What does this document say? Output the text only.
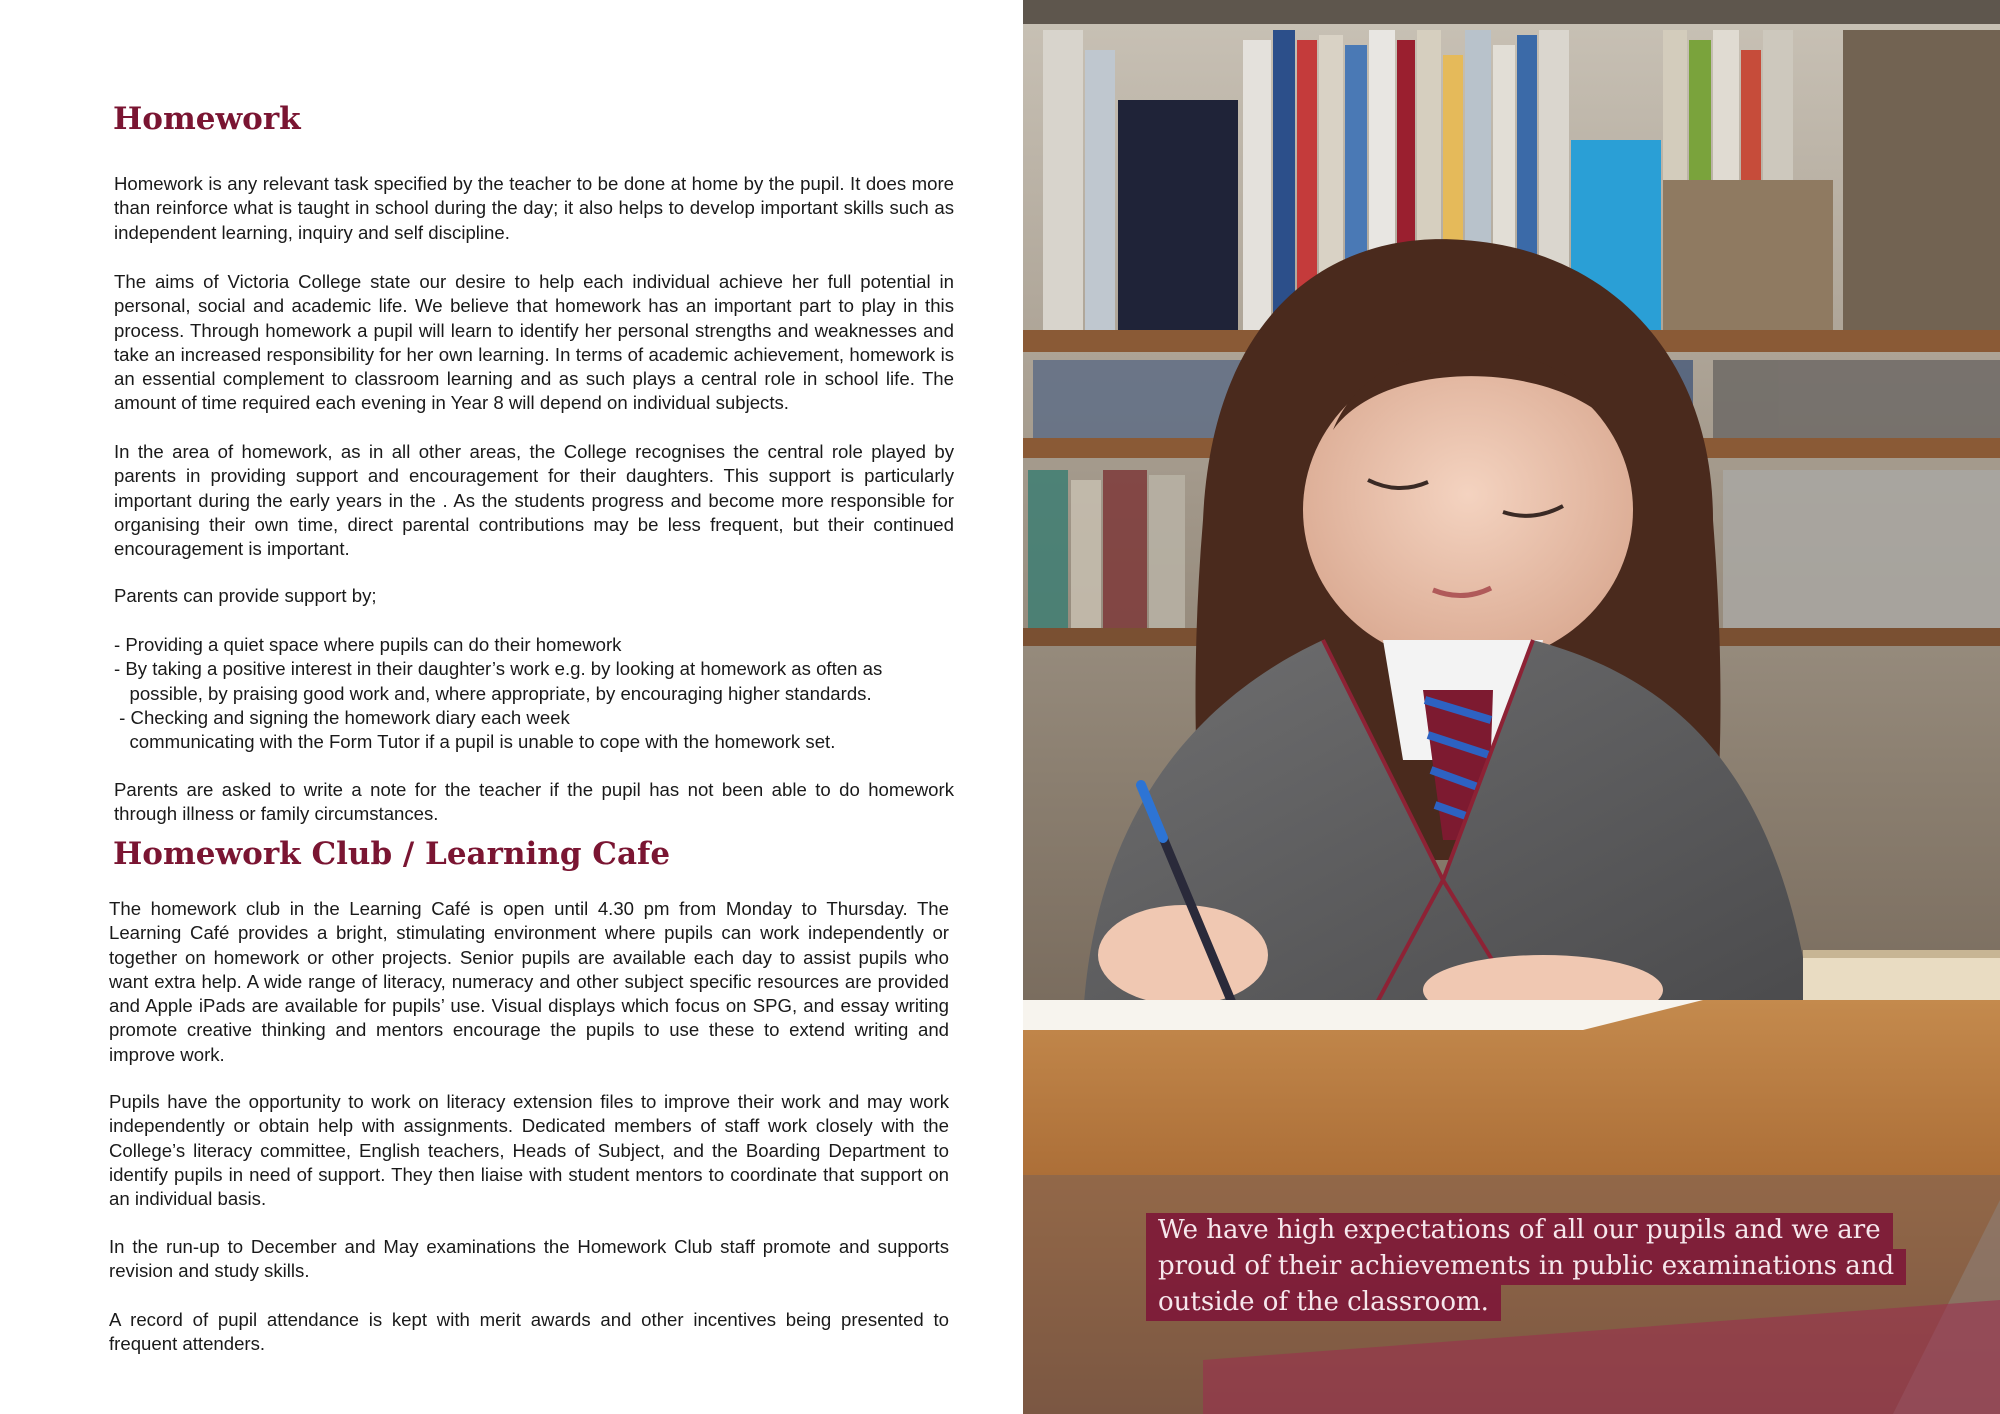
Homework

Homework is any relevant task specified by the teacher to be done at home by the pupil. It does more than reinforce what is taught in school during the day; it also helps to develop important skills such as independent learning, inquiry and self discipline.

The aims of Victoria College state our desire to help each individual achieve her full potential in personal, social and academic life. We believe that homework has an important part to play in this process. Through homework a pupil will learn to identify her personal strengths and weaknesses and take an increased responsibility for her own learning. In terms of academic achievement, homework is an essential complement to classroom learning and as such plays a central role in school life. The amount of time required each evening in Year 8 will depend on individual subjects.

In the area of homework, as in all other areas, the College recognises the central role played by parents in providing support and encouragement for their daughters. This support is particularly important during the early years in the . As the students progress and become more responsible for organising their own time, direct parental contributions may be less frequent, but their continued encouragement is important.

Parents can provide support by;

- Providing a quiet space where pupils can do their homework
- By taking a positive interest in their daughter’s work e.g. by looking at homework as often as
possible, by praising good work and, where appropriate, by encouraging higher standards.
- Checking and signing the homework diary each week
communicating with the Form Tutor if a pupil is unable to cope with the homework set.

Parents are asked to write a note for the teacher if the pupil has not been able to do homework through illness or family circumstances.

Homework Club / Learning Cafe

The homework club in the Learning Café is open until 4.30 pm from Monday to Thursday. The Learning Café provides a bright, stimulating environment where pupils can work independently or together on homework or other projects. Senior pupils are available each day to assist pupils who want extra help. A wide range of literacy, numeracy and other subject specific resources are provided and Apple iPads are available for pupils’ use. Visual displays which focus on SPG, and essay writing promote creative thinking and mentors encourage the pupils to use these to extend writing and improve work.

Pupils have the opportunity to work on literacy extension files to improve their work and may work independently or obtain help with assignments. Dedicated members of staff work closely with the College’s literacy committee, English teachers, Heads of Subject, and the Boarding Department to identify pupils in need of support. They then liaise with student mentors to coordinate that support on an individual basis.

In the run-up to December and May examinations the Homework Club staff promote and supports revision and study skills.

A record of pupil attendance is kept with merit awards and other incentives being presented to frequent attenders.

We have high expectations of all our pupils and we are proud of their achievements in public examinations and outside of the classroom.
